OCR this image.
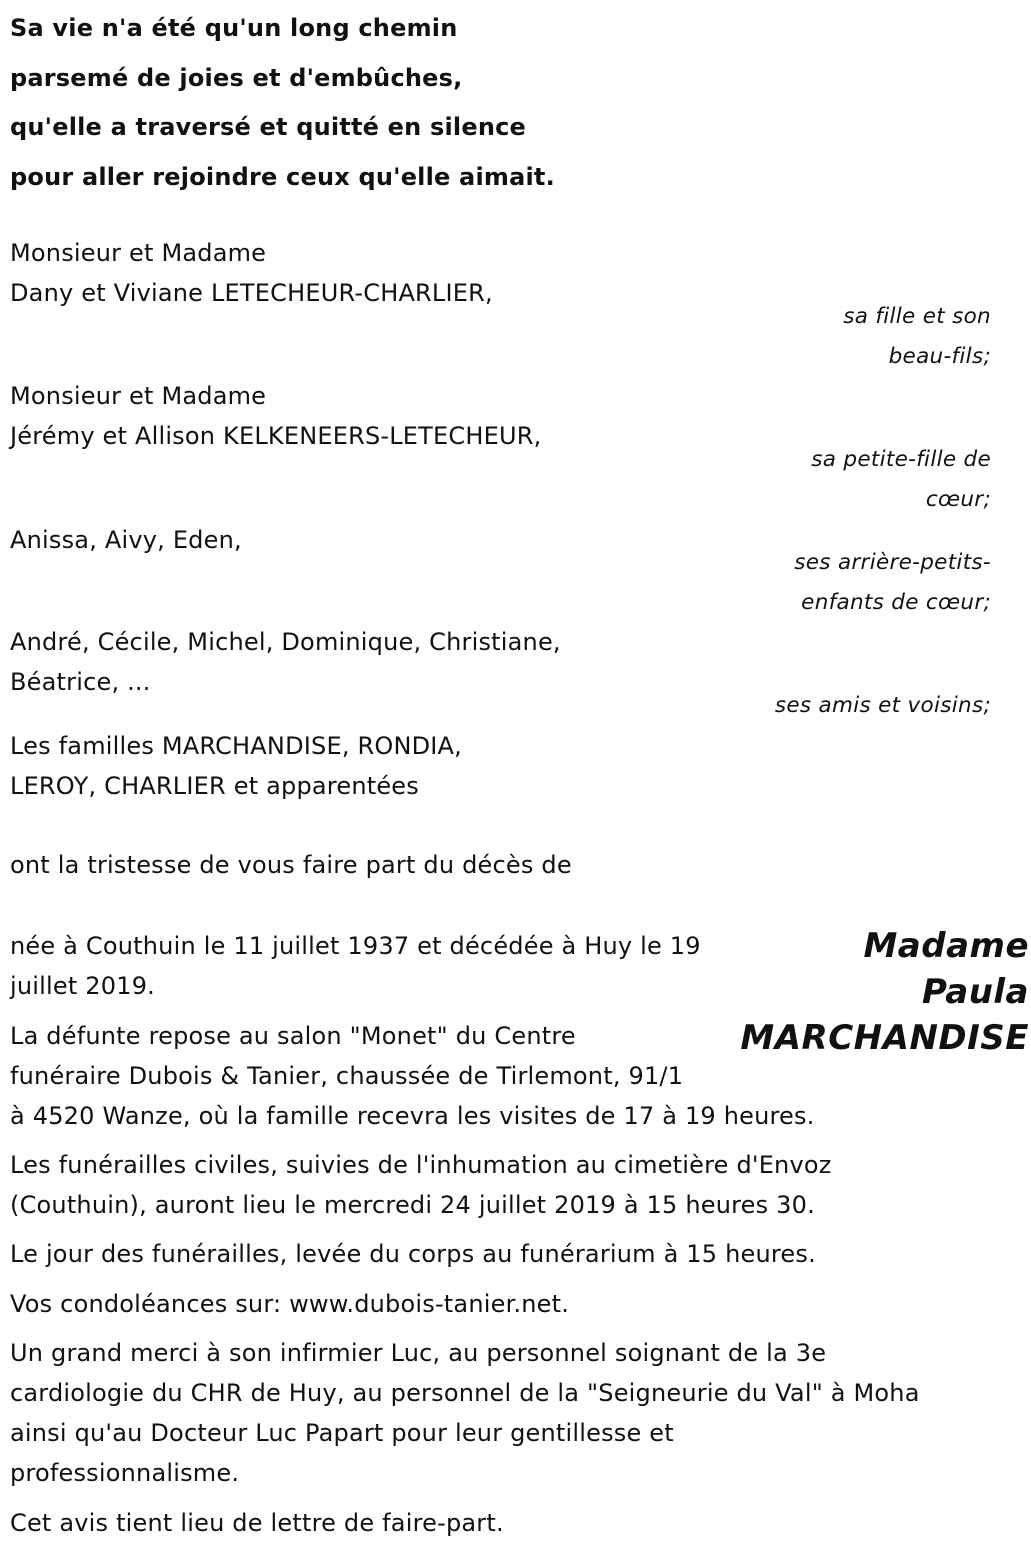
Sa vie n'a été qu'un long chemin
parsemé de joies et d'embûches,
qu'elle a traversé et quitté en silence
pour aller rejoindre ceux qu'elle aimait.
Monsieur et Madame
Dany et Viviane LETECHEUR-CHARLIER,
sa fille et son
beau-fils;
Monsieur et Madame
Jérémy et Allison KELKENEERS-LETECHEUR,
sa petite-fille de
cœur;
Anissa, Aivy, Eden,
ses arrière-petits-
enfants de cœur;
André, Cécile, Michel, Dominique, Christiane,
Béatrice, ...
ses amis et voisins;
Les familles MARCHANDISE, RONDIA,
LEROY, CHARLIER et apparentées
ont la tristesse de vous faire part du décès de
Madame
Paula
MARCHANDISE
née à Couthuin le 11 juillet 1937 et décédée à Huy le 19
juillet 2019.
La défunte repose au salon "Monet" du Centre
funéraire Dubois & Tanier, chaussée de Tirlemont, 91/1
à 4520 Wanze, où la famille recevra les visites de 17 à 19 heures.
Les funérailles civiles, suivies de l'inhumation au cimetière d'Envoz
(Couthuin), auront lieu le mercredi 24 juillet 2019 à 15 heures 30.
Le jour des funérailles, levée du corps au funérarium à 15 heures.
Vos condoléances sur: www.dubois-tanier.net.
Un grand merci à son infirmier Luc, au personnel soignant de la 3e
cardiologie du CHR de Huy, au personnel de la "Seigneurie du Val" à Moha
ainsi qu'au Docteur Luc Papart pour leur gentillesse et
professionnalisme.
Cet avis tient lieu de lettre de faire-part.
